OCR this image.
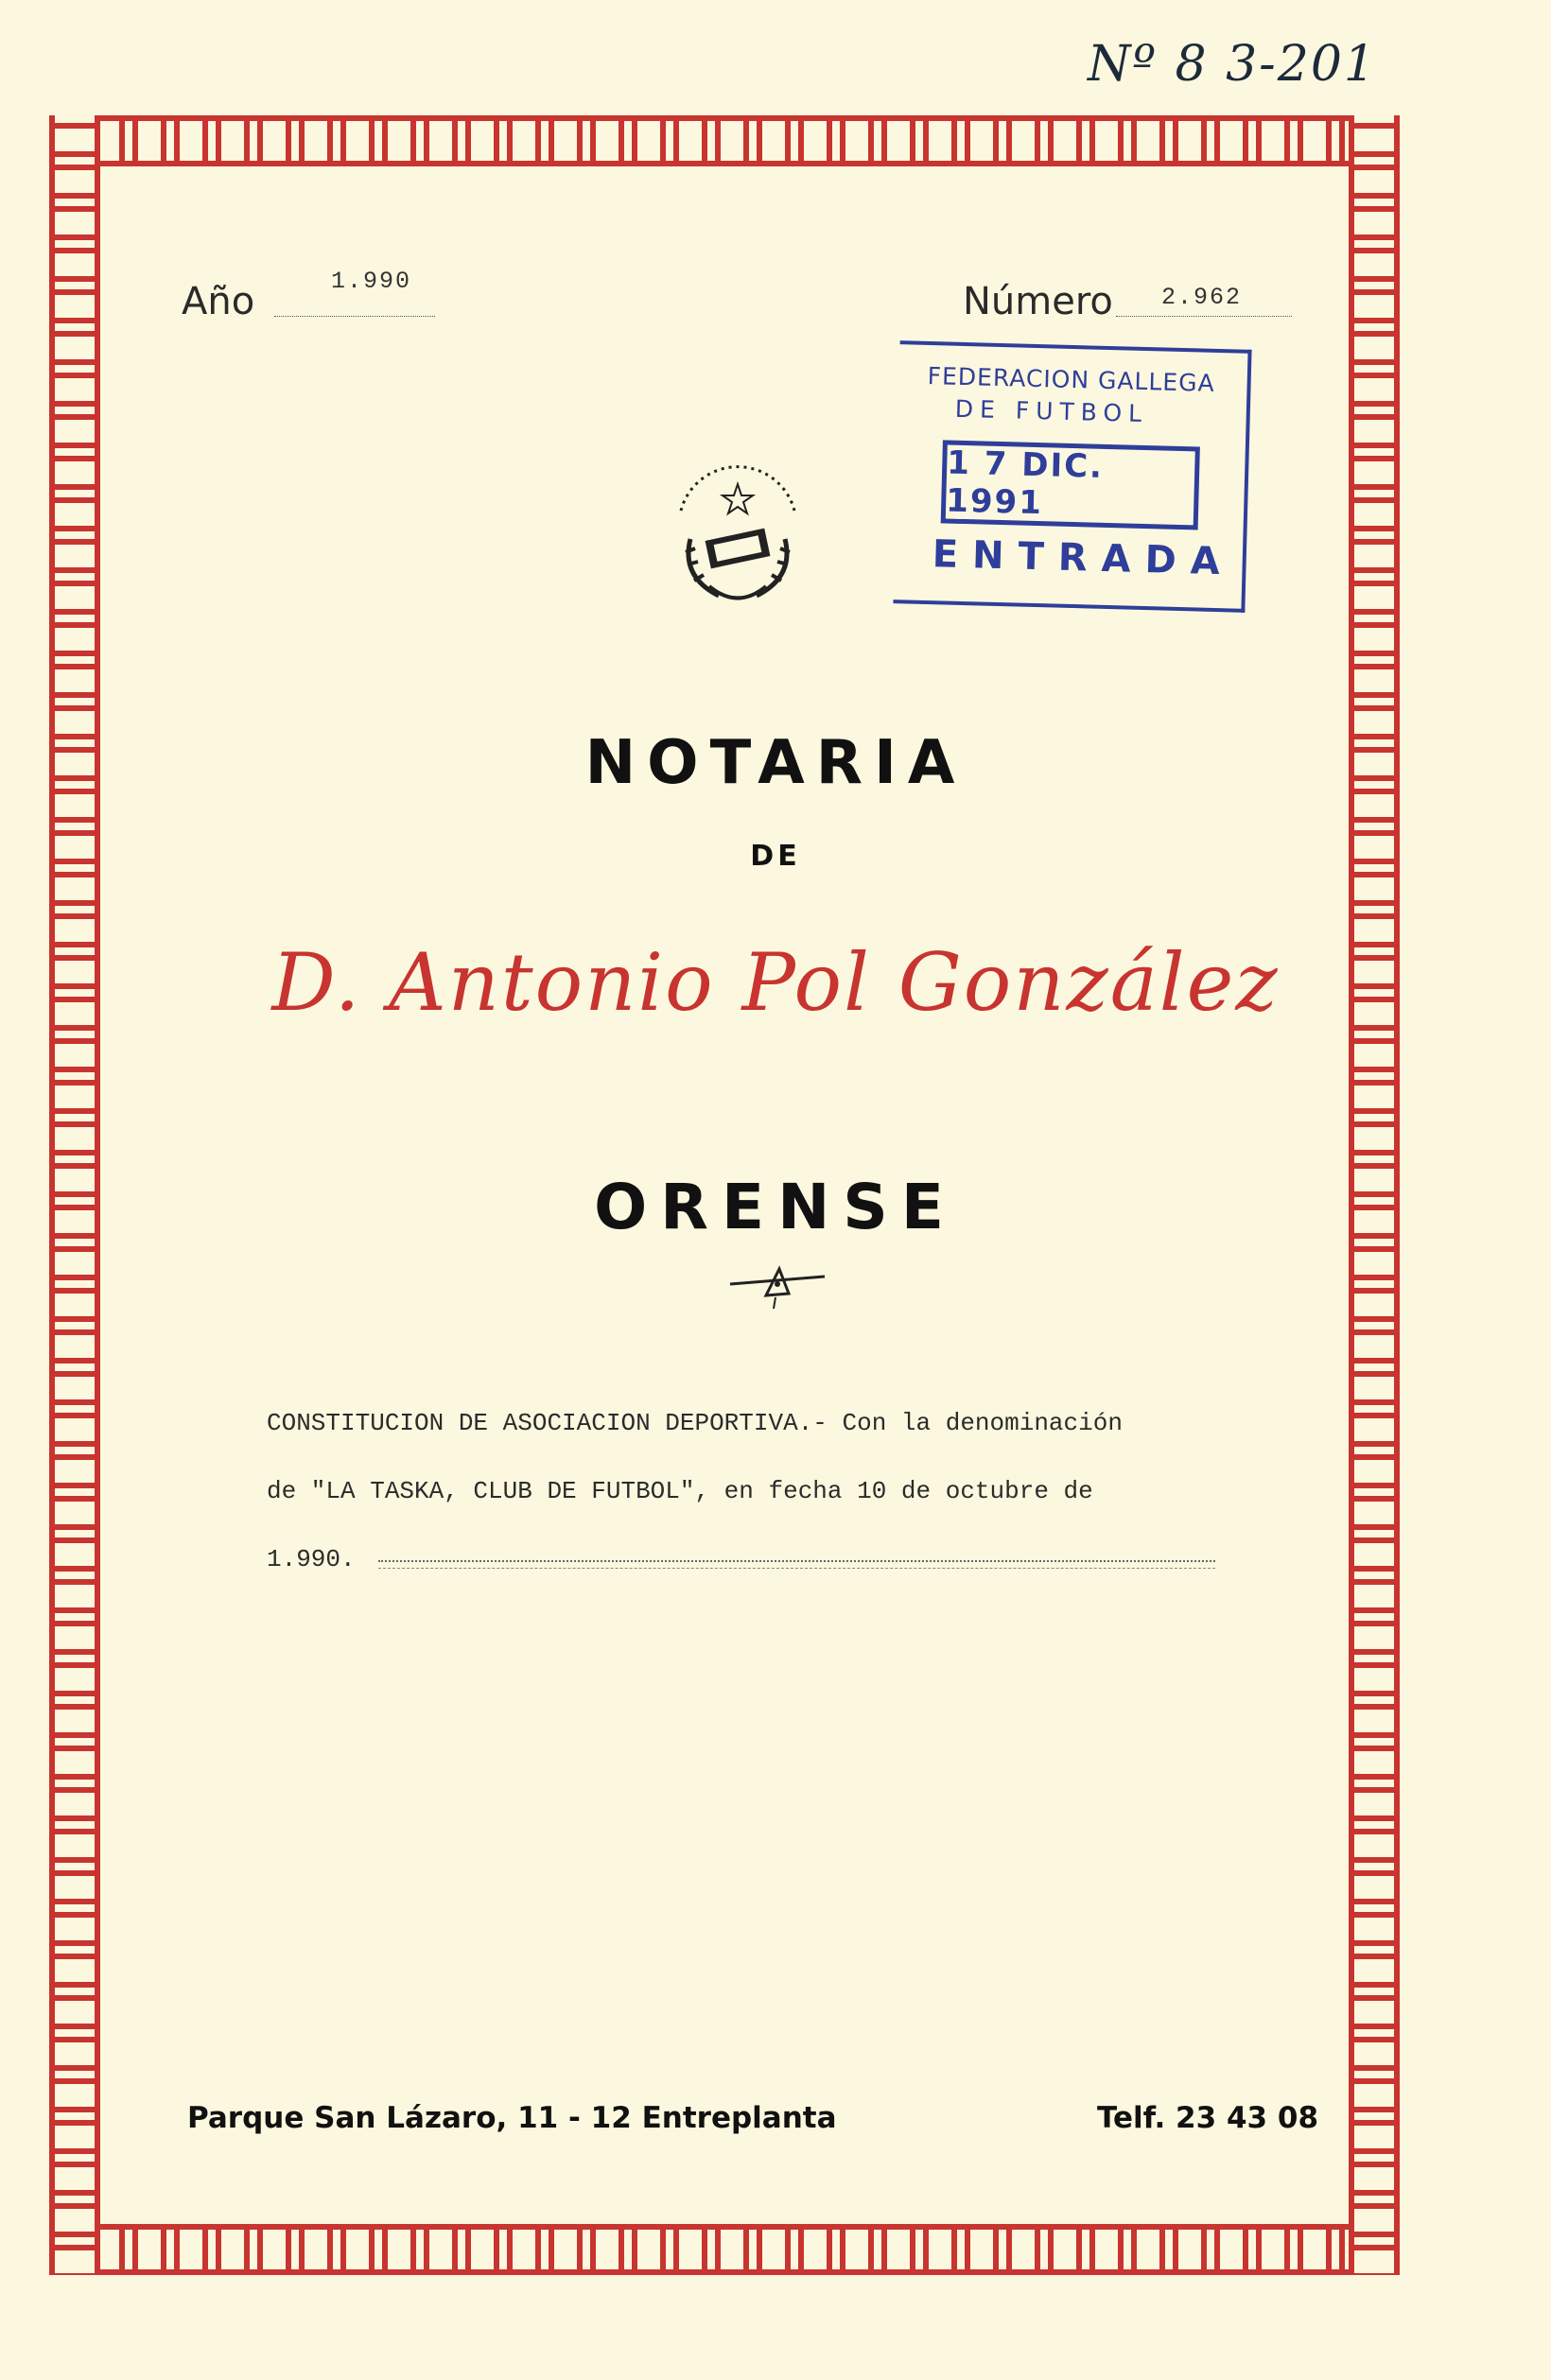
Nº 8 3-201
Año	1.990	Número 2.962
FEDERACION GALLEGA
DE FUTBOL
1 7 DIC. 1991
ENTRADA
NOTARIA
DE
D. Antonio Pol González
ORENSE
CONSTITUCION DE ASOCIACION DEPORTIVA.- Con la denominación
de "LA TASKA, CLUB DE FUTBOL", en fecha 10 de octubre de
1.990.
Parque San Lázaro, 11 - 12 Entreplanta	Telf. 23 43 08
